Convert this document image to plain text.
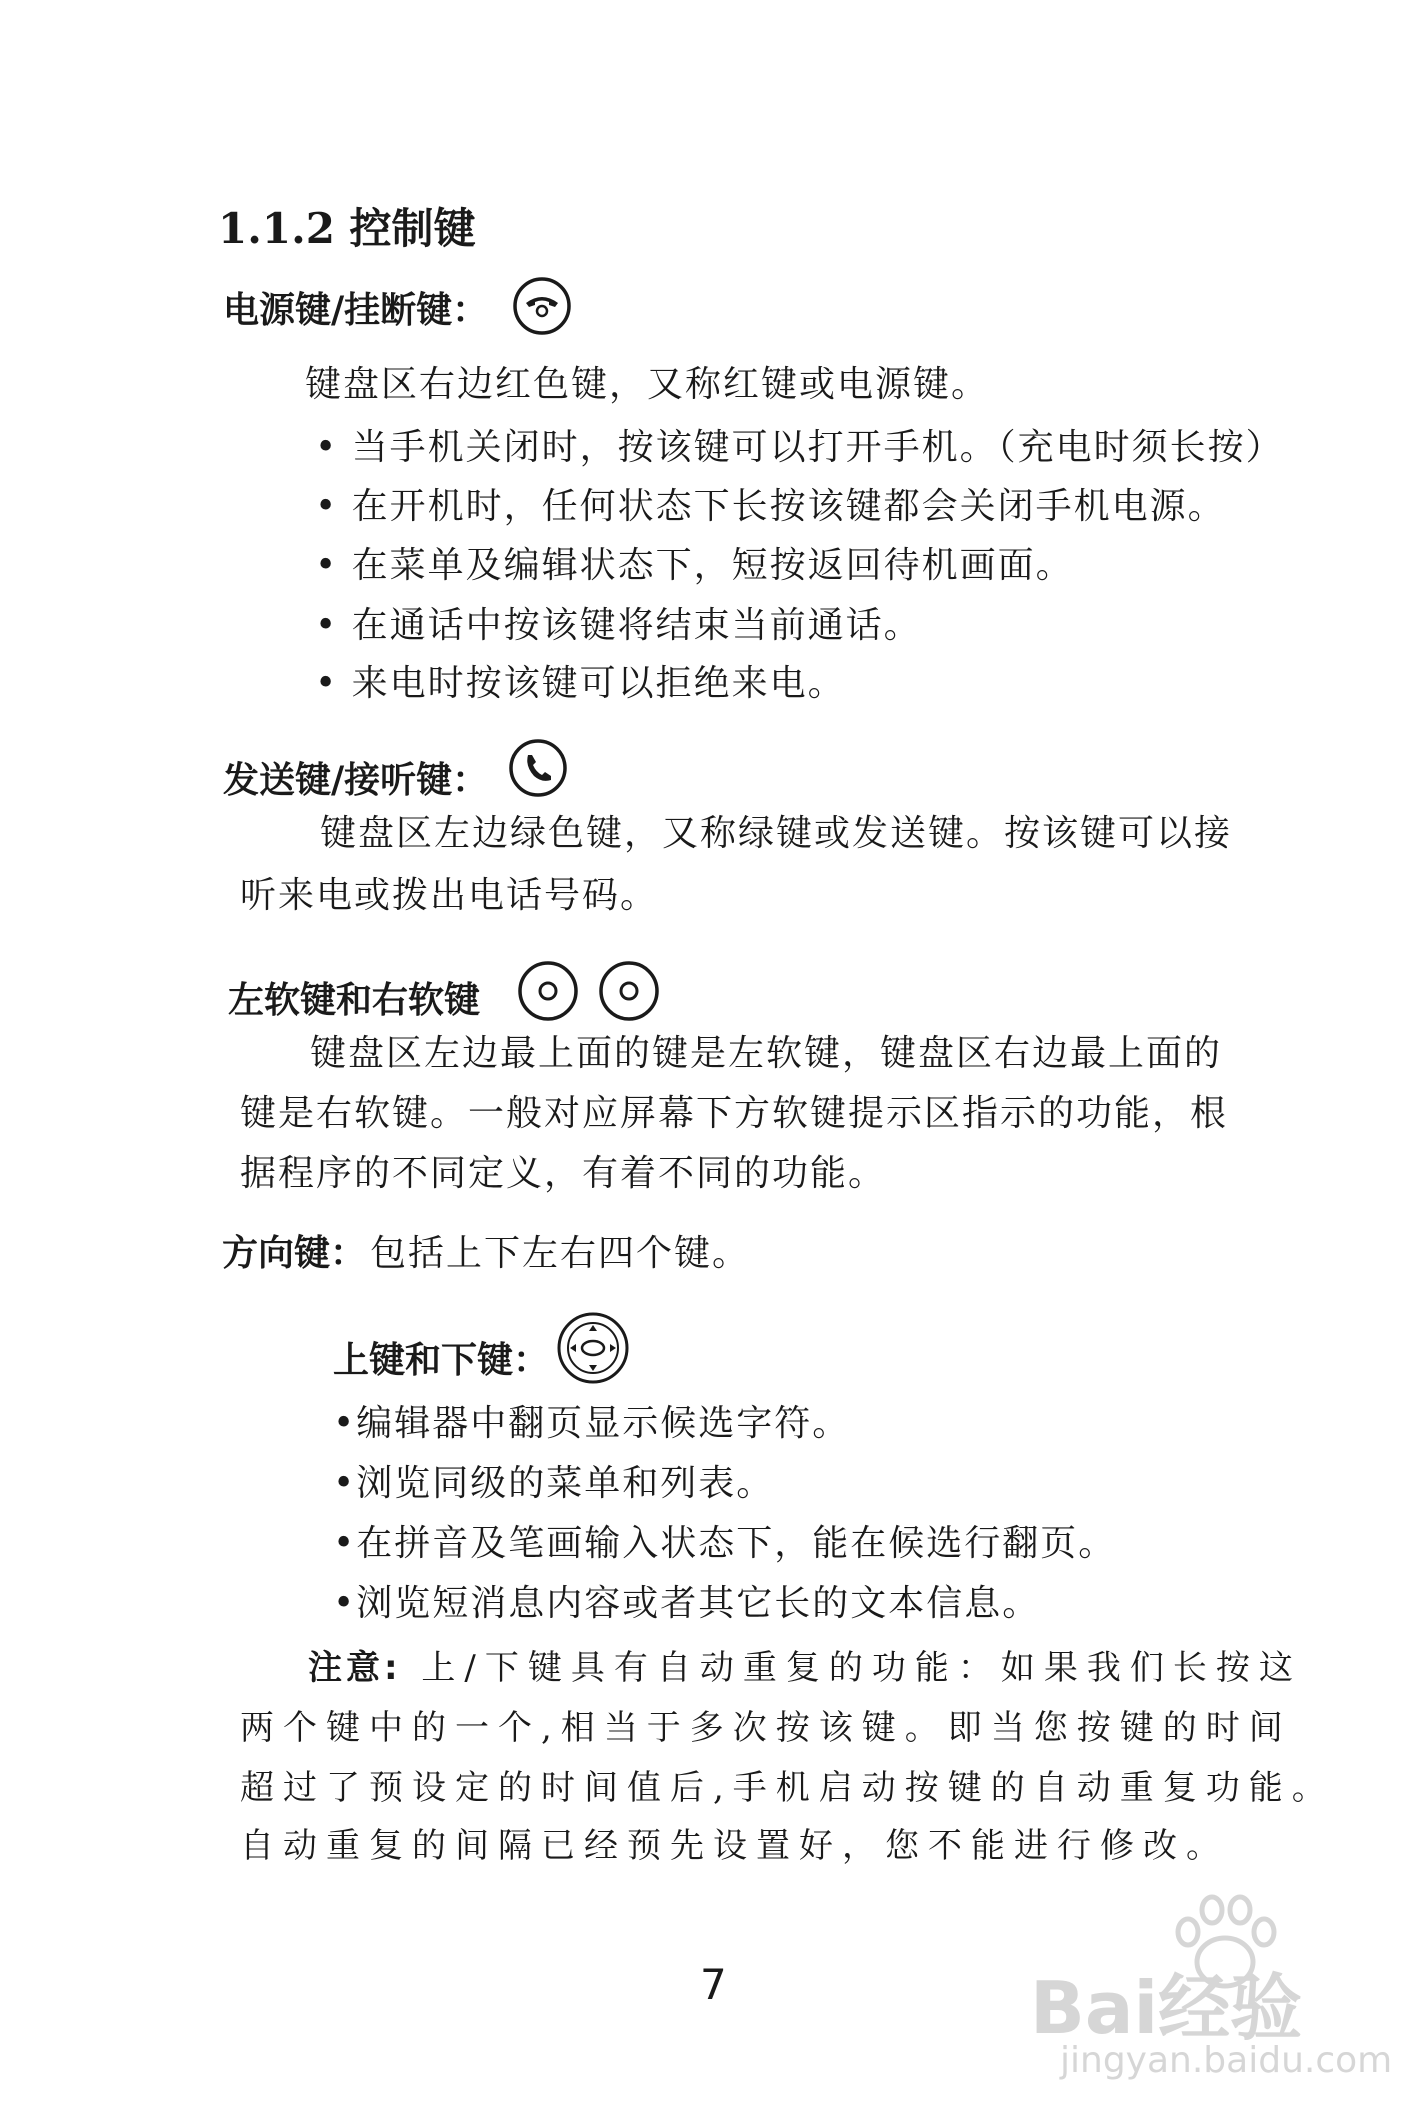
1.1.2 控制键
电源键/挂断键：
键盘区右边红色键，又称红键或电源键。
• 当手机关闭时，按该键可以打开手机。（充电时须长按）
• 在开机时，任何状态下长按该键都会关闭手机电源。
• 在菜单及编辑状态下，短按返回待机画面。
• 在通话中按该键将结束当前通话。
• 来电时按该键可以拒绝来电。
发送键/接听键：
键盘区左边绿色键，又称绿键或发送键。按该键可以接
听来电或拨出电话号码。
左软键和右软键
键盘区左边最上面的键是左软键，键盘区右边最上面的
键是右软键。一般对应屏幕下方软键提示区指示的功能，根
据程序的不同定义，有着不同的功能。
方向键： 包括上下左右四个键。
上键和下键：
•编辑器中翻页显示候选字符。
•浏览同级的菜单和列表。
•在拼音及笔画输入状态下，能在候选行翻页。
•浏览短消息内容或者其它长的文本信息。
注意: 上/下键具有自动重复的功能：如果我们长按这
两个键中的一个,相当于多次按该键。即当您按键的时间
超过了预设定的时间值后,手机启动按键的自动重复功能。
自动重复的间隔已经预先设置好，您不能进行修改。
7	Bai经验
jingyan.baidu.com
